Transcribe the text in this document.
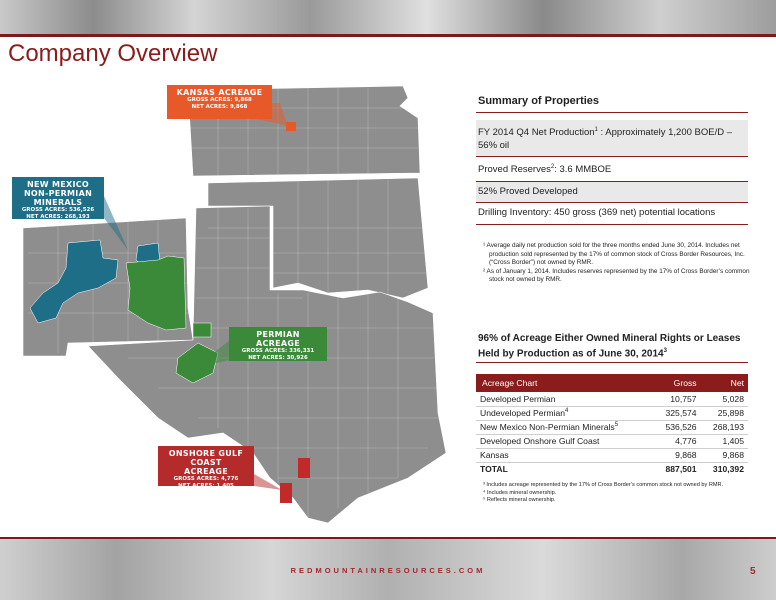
Company Overview
KANSAS ACREAGE
GROSS ACRES: 9,868
NET ACRES: 9,868
NEW MEXICO
NON-PERMIAN MINERALS
GROSS ACRES: 536,526
NET ACRES: 268,193
PERMIAN ACREAGE
GROSS ACRES: 336,331
NET ACRES: 30,926
ONSHORE GULF COAST
ACREAGE
GROSS ACRES: 4,776
NET ACRES: 1,405
Summary of Properties
FY 2014 Q4 Net Production$^1$ : Approximately 1,200 BOE/D – 56% oil
Proved Reserves$^2$: 3.6 MMBOE
52% Proved Developed
Drilling Inventory: 450 gross (369 net) potential locations

¹ Average daily net production sold for the three months ended June 30, 2014. Includes net production sold represented by the 17% of common stock of Cross Border Resources, Inc. (“Cross Border”) not owned by RMR.

² As of January 1, 2014. Includes reserves represented by the 17% of Cross Border’s common stock not owned by RMR.

96% of Acreage Either Owned Mineral Rights or Leases Held by Production as of June 30, 2014$^3$
Acreage Chart	Gross	Net
Developed Permian	10,757	5,028
Undeveloped Permian$^4$	325,574	25,898
New Mexico Non-Permian Minerals$^5$	536,526	268,193
Developed Onshore Gulf Coast	4,776	1,405
Kansas	9,868	9,868
TOTAL	887,501	310,392

³ Includes acreage represented by the 17% of Cross Border’s common stock not owned by RMR.

⁴ Includes mineral ownership.

⁵ Reflects mineral ownership.

REDMOUNTAINRESOURCES.COM	5
